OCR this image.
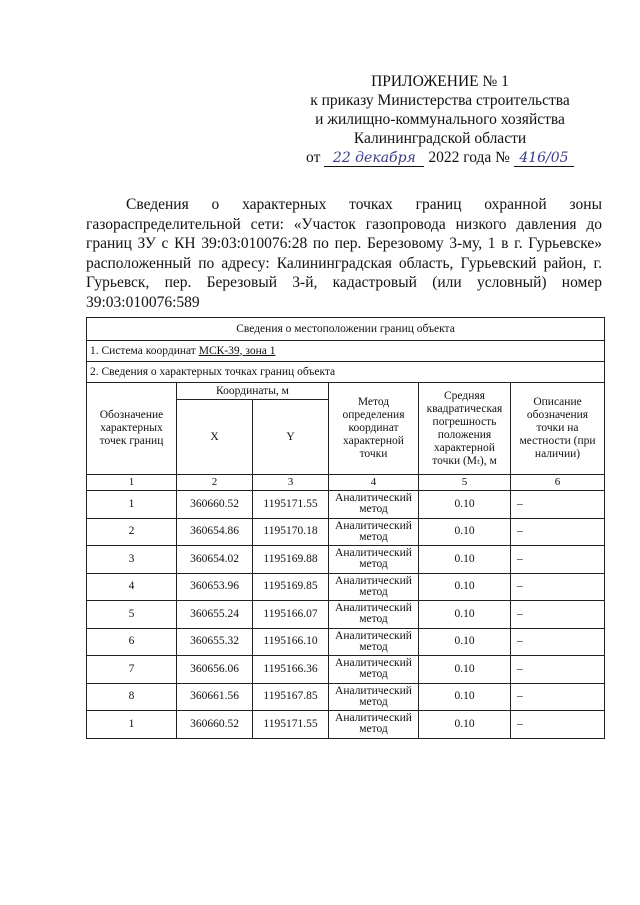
ПРИЛОЖЕНИЕ № 1
к приказу Министерства строительства
и жилищно-коммунального хозяйства
Калининградской области
от 22 декабря 2022 года № 416/05
Сведения о характерных точках границ охранной зоны газораспределительной сети: «Участок газопровода низкого давления до границ ЗУ с КН 39:03:010076:28 по пер. Березовому 3-му, 1 в г. Гурьевске» расположенный по адресу: Калининградская область, Гурьевский район, г. Гурьевск, пер. Березовый 3-й, кадастровый (или условный) номер 39:03:010076:589
Сведения о местоположении границ объекта					
1. Система координат МСК-39, зона 1					
2. Сведения о характерных точках границ объекта					
Обозначение характерных точек границ	Координаты, м		Метод определения координат характерной точки	Средняя квадратическая погрешность положения характерной точки (Mₜ), м	Описание обозначения точки на местности (при наличии)
	X	Y			
1	2	3	4	5	6
1	360660.52	1195171.55	Аналитический метод	0.10	–
2	360654.86	1195170.18	Аналитический метод	0.10	–
3	360654.02	1195169.88	Аналитический метод	0.10	–
4	360653.96	1195169.85	Аналитический метод	0.10	–
5	360655.24	1195166.07	Аналитический метод	0.10	–
6	360655.32	1195166.10	Аналитический метод	0.10	–
7	360656.06	1195166.36	Аналитический метод	0.10	–
8	360661.56	1195167.85	Аналитический метод	0.10	–
1	360660.52	1195171.55	Аналитический метод	0.10	–
